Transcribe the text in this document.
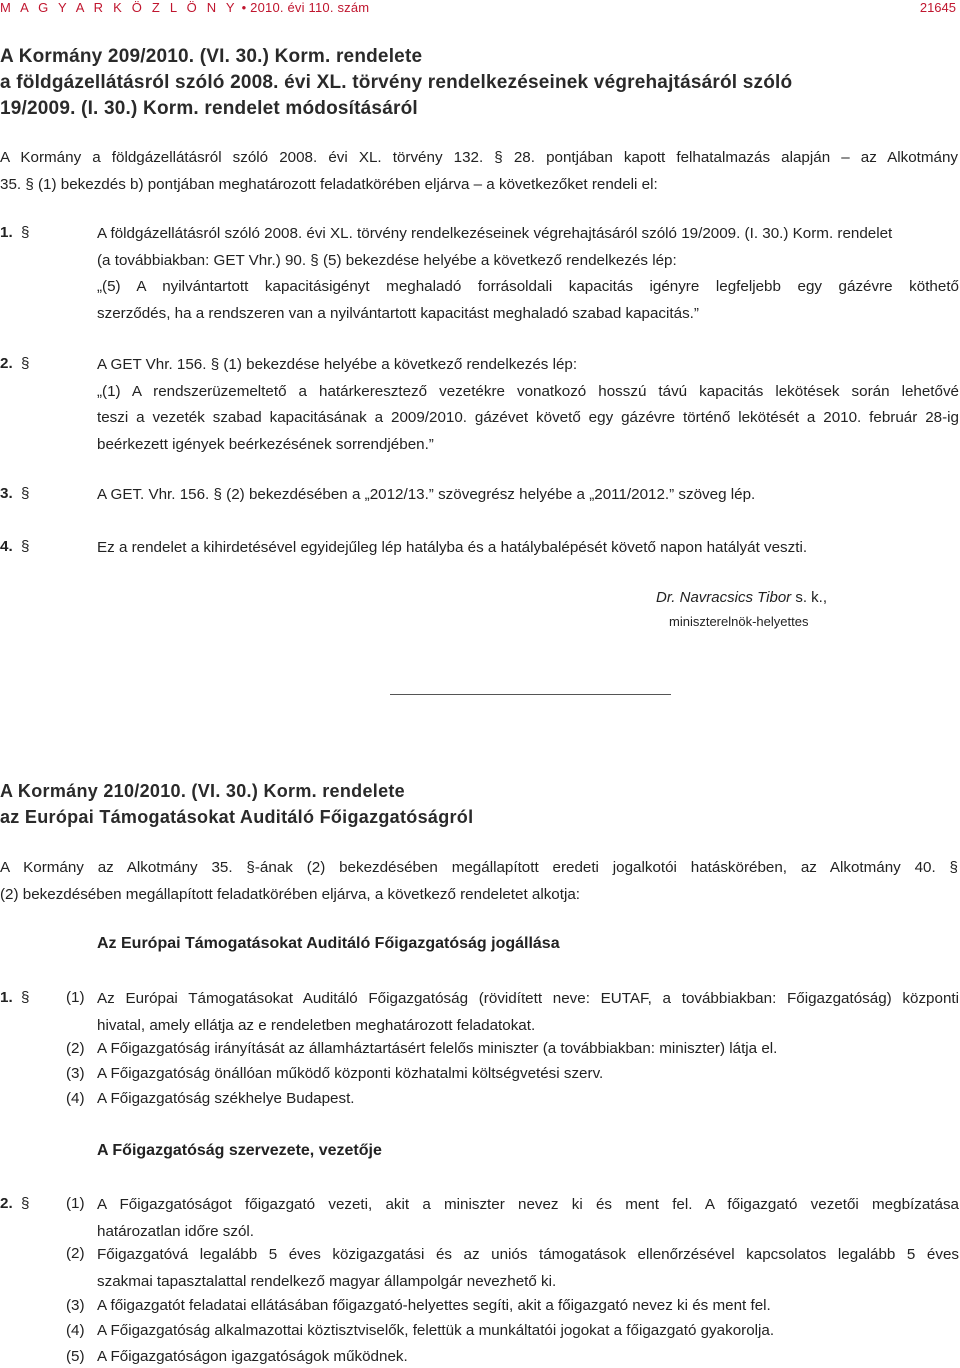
M A G Y A R K Ö Z L Ö N Y • 2010. évi 110. szám	21645
A Kormány 209/2010. (VI. 30.) Korm. rendelete
a földgázellátásról szóló 2008. évi XL. törvény rendelkezéseinek végrehajtásáról szóló
19/2009. (I. 30.) Korm. rendelet módosításáról
A Kormány a földgázellátásról szóló 2008. évi XL. törvény 132. § 28. pontjában kapott felhatalmazás alapján – az Alkotmány
35. § (1) bekezdés b) pontjában meghatározott feladatkörében eljárva – a következőket rendeli el:
1. §	A földgázellátásról szóló 2008. évi XL. törvény rendelkezéseinek végrehajtásáról szóló 19/2009. (I. 30.) Korm. rendelet
(a továbbiakban: GET Vhr.) 90. § (5) bekezdése helyébe a következő rendelkezés lép:
„(5) A nyilvántartott kapacitásigényt meghaladó forrásoldali kapacitás igényre legfeljebb egy gázévre köthető
szerződés, ha a rendszeren van a nyilvántartott kapacitást meghaladó szabad kapacitás.”
2. §	A GET Vhr. 156. § (1) bekezdése helyébe a következő rendelkezés lép:
„(1) A rendszerüzemeltető a határkeresztező vezetékre vonatkozó hosszú távú kapacitás lekötések során lehetővé
teszi a vezeték szabad kapacitásának a 2009/2010. gázévet követő egy gázévre történő lekötését a 2010. február 28-ig
beérkezett igények beérkezésének sorrendjében.”
3. §	A GET. Vhr. 156. § (2) bekezdésében a „2012/13.” szövegrész helyébe a „2011/2012.” szöveg lép.
4. §	Ez a rendelet a kihirdetésével egyidejűleg lép hatályba és a hatálybalépését követő napon hatályát veszti.
Dr. Navracsics Tibor s. k.,
miniszterelnök-helyettes
A Kormány 210/2010. (VI. 30.) Korm. rendelete
az Európai Támogatásokat Auditáló Főigazgatóságról
A Kormány az Alkotmány 35. §-ának (2) bekezdésében megállapított eredeti jogalkotói hatáskörében, az Alkotmány 40. §
(2) bekezdésében megállapított feladatkörében eljárva, a következő rendeletet alkotja:
Az Európai Támogatásokat Auditáló Főigazgatóság jogállása
1. § (1) Az Európai Támogatásokat Auditáló Főigazgatóság (rövidített neve: EUTAF, a továbbiakban: Főigazgatóság) központi
hivatal, amely ellátja az e rendeletben meghatározott feladatokat.
(2) A Főigazgatóság irányítását az államháztartásért felelős miniszter (a továbbiakban: miniszter) látja el.
(3) A Főigazgatóság önállóan működő központi közhatalmi költségvetési szerv.
(4) A Főigazgatóság székhelye Budapest.
A Főigazgatóság szervezete, vezetője
2. § (1) A Főigazgatóságot főigazgató vezeti, akit a miniszter nevez ki és ment fel. A főigazgató vezetői megbízatása
határozatlan időre szól.
(2) Főigazgatóvá legalább 5 éves közigazgatási és az uniós támogatások ellenőrzésével kapcsolatos legalább 5 éves
szakmai tapasztalattal rendelkező magyar állampolgár nevezhető ki.
(3) A főigazgatót feladatai ellátásában főigazgató-helyettes segíti, akit a főigazgató nevez ki és ment fel.
(4) A Főigazgatóság alkalmazottai köztisztviselők, felettük a munkáltatói jogokat a főigazgató gyakorolja.
(5) A Főigazgatóságon igazgatóságok működnek.
